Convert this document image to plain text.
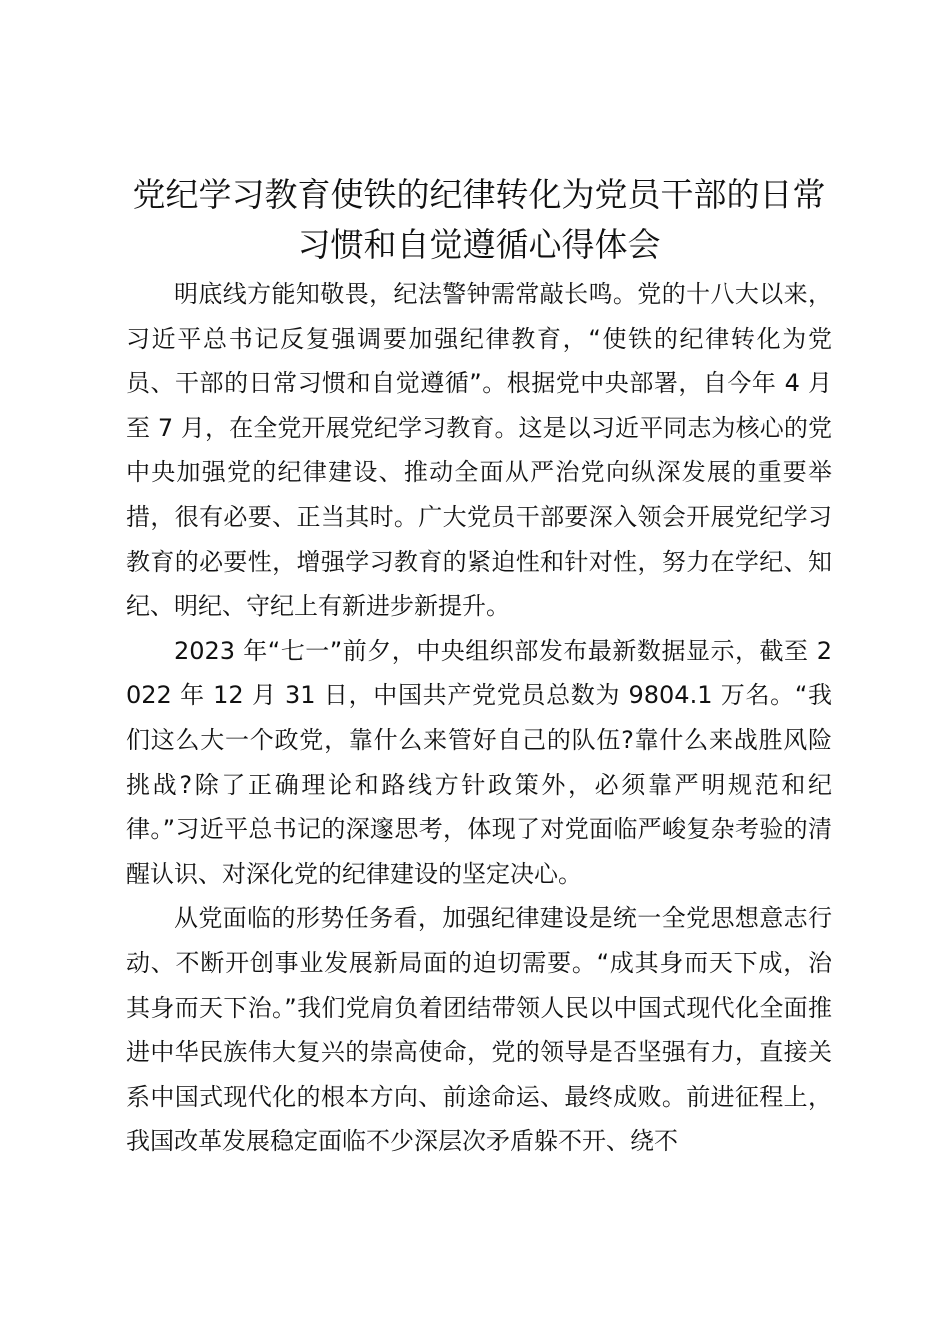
党纪学习教育使铁的纪律转化为党员干部的日常习惯和自觉遵循心得体会

明底线方能知敬畏，纪法警钟需常敲长鸣。党的十八大以来，习近平总书记反复强调要加强纪律教育，“使铁的纪律转化为党员、干部的日常习惯和自觉遵循”。根据党中央部署，自今年 4 月至 7 月，在全党开展党纪学习教育。这是以习近平同志为核心的党中央加强党的纪律建设、推动全面从严治党向纵深发展的重要举措，很有必要、正当其时。广大党员干部要深入领会开展党纪学习教育的必要性，增强学习教育的紧迫性和针对性，努力在学纪、知纪、明纪、守纪上有新进步新提升。

2023 年“七一”前夕，中央组织部发布最新数据显示，截至 2022 年 12 月 31 日，中国共产党党员总数为 9804.1 万名。“我们这么大一个政党，靠什么来管好自己的队伍?靠什么来战胜风险挑战?除了正确理论和路线方针政策外，必须靠严明规范和纪律。”习近平总书记的深邃思考，体现了对党面临严峻复杂考验的清醒认识、对深化党的纪律建设的坚定决心。

从党面临的形势任务看，加强纪律建设是统一全党思想意志行动、不断开创事业发展新局面的迫切需要。“成其身而天下成，治其身而天下治。”我们党肩负着团结带领人民以中国式现代化全面推进中华民族伟大复兴的崇高使命，党的领导是否坚强有力，直接关系中国式现代化的根本方向、前途命运、最终成败。前进征程上，我国改革发展稳定面临不少深层次矛盾躲不开、绕不
